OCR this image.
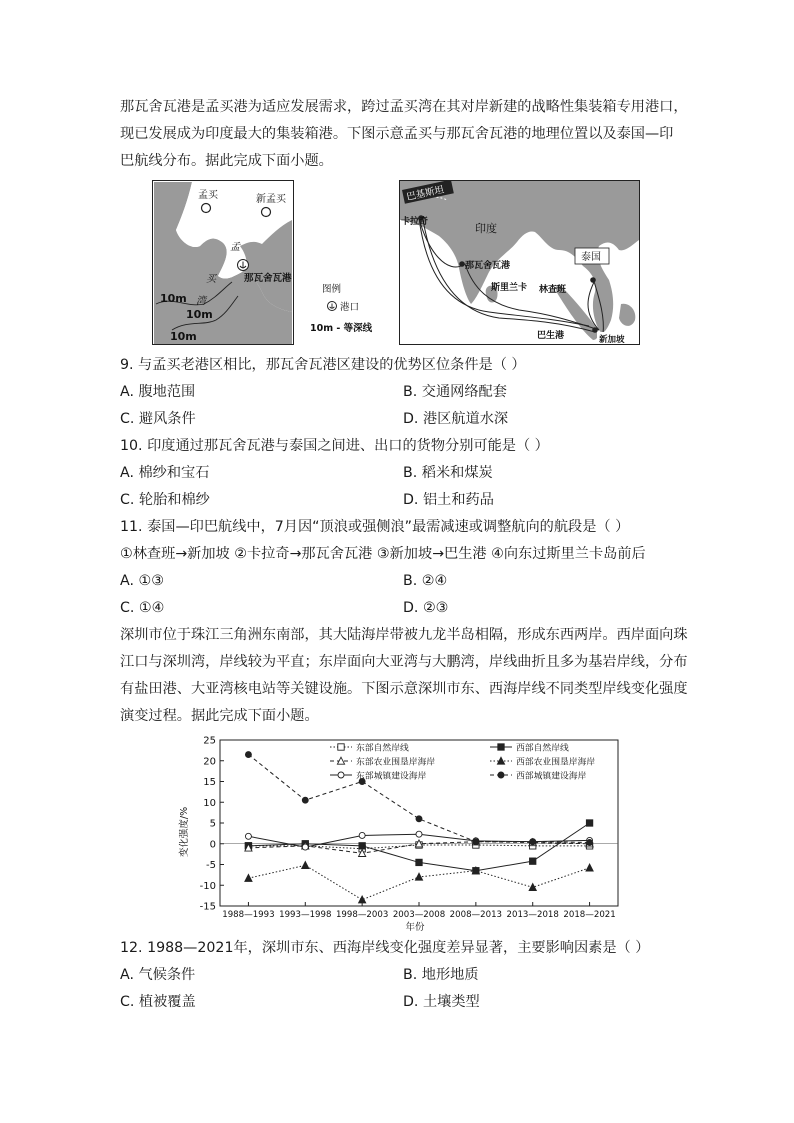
那瓦舍瓦港是孟买港为适应发展需求，跨过孟买湾在其对岸新建的战略性集装箱专用港口，
现已发展成为印度最大的集装箱港。下图示意孟买与那瓦舍瓦港的地理位置以及泰国—印
巴航线分布。据此完成下面小题。
孟买	新孟买
孟
买
湾
那瓦舍瓦港
10m
10m
10m
图例
港口
10m - 等深线
巴基斯坦
卡拉奇
那瓦舍瓦港
印度
泰国
斯里兰卡 林查班
巴生港	新加坡
9. 与孟买老港区相比，那瓦舍瓦港区建设的优势区位条件是（ ）
A. 腹地范围	B. 交通网络配套
C. 避风条件	D. 港区航道水深
10. 印度通过那瓦舍瓦港与泰国之间进、出口的货物分别可能是（ ）
A. 棉纱和宝石	B. 稻米和煤炭
C. 轮胎和棉纱	D. 铝土和药品
11. 泰国—印巴航线中，7月因“顶浪或强侧浪”最需减速或调整航向的航段是（ ）
①林查班→新加坡 ②卡拉奇→那瓦舍瓦港 ③新加坡→巴生港 ④向东过斯里兰卡岛前后
A. ①③	B. ②④
C. ①④	D. ②③
深圳市位于珠江三角洲东南部，其大陆海岸带被九龙半岛相隔，形成东西两岸。西岸面向珠
江口与深圳湾，岸线较为平直；东岸面向大亚湾与大鹏湾，岸线曲折且多为基岩岸线，分布
有盐田港、大亚湾核电站等关键设施。下图示意深圳市东、西海岸线不同类型岸线变化强度
演变过程。据此完成下面小题。
25
20
15
10
5
0
-5
-10
-15
1988—1993 1993—1998 1998—2003 2003—2008 2008—2013 2013—2018 2018—2021
东部自然岸线	西部自然岸线
东部农业围垦岸海岸	西部农业围垦岸海岸
东部城镇建设海岸	西部城镇建设海岸
年份
变化强度/%
12. 1988—2021年，深圳市东、西海岸线变化强度差异显著，主要影响因素是（ ）
A. 气候条件	B. 地形地质
C. 植被覆盖	D. 土壤类型
